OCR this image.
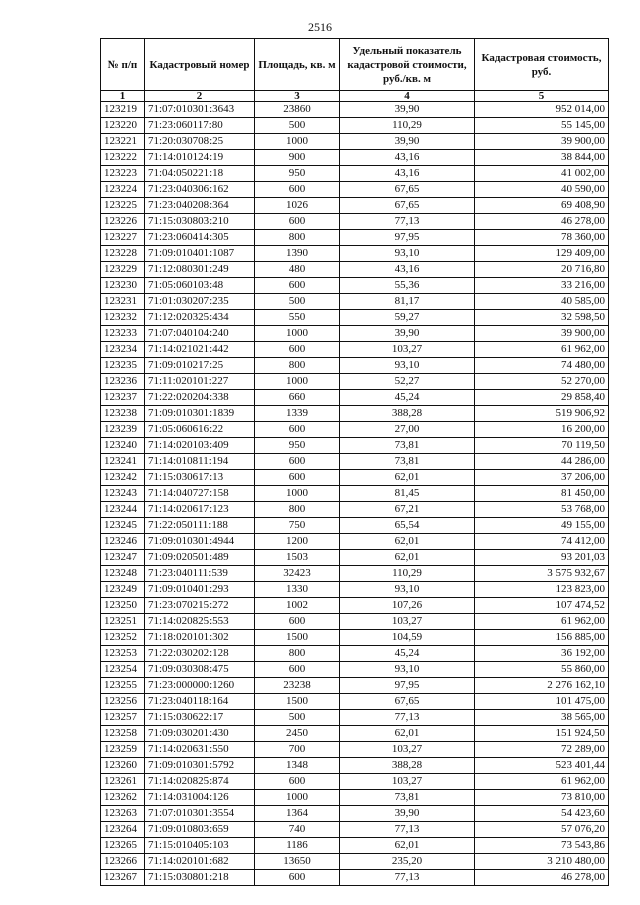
2516
№ п/п	Кадастровый номер	Площадь, кв. м	Удельный показатель кадастровой стоимости, руб./кв. м	Кадастровая стоимость, руб.
1	2	3	4	5
123219	71:07:010301:3643	23860	39,90	952 014,00
123220	71:23:060117:80	500	110,29	55 145,00
123221	71:20:030708:25	1000	39,90	39 900,00
123222	71:14:010124:19	900	43,16	38 844,00
123223	71:04:050221:18	950	43,16	41 002,00
123224	71:23:040306:162	600	67,65	40 590,00
123225	71:23:040208:364	1026	67,65	69 408,90
123226	71:15:030803:210	600	77,13	46 278,00
123227	71:23:060414:305	800	97,95	78 360,00
123228	71:09:010401:1087	1390	93,10	129 409,00
123229	71:12:080301:249	480	43,16	20 716,80
123230	71:05:060103:48	600	55,36	33 216,00
123231	71:01:030207:235	500	81,17	40 585,00
123232	71:12:020325:434	550	59,27	32 598,50
123233	71:07:040104:240	1000	39,90	39 900,00
123234	71:14:021021:442	600	103,27	61 962,00
123235	71:09:010217:25	800	93,10	74 480,00
123236	71:11:020101:227	1000	52,27	52 270,00
123237	71:22:020204:338	660	45,24	29 858,40
123238	71:09:010301:1839	1339	388,28	519 906,92
123239	71:05:060616:22	600	27,00	16 200,00
123240	71:14:020103:409	950	73,81	70 119,50
123241	71:14:010811:194	600	73,81	44 286,00
123242	71:15:030617:13	600	62,01	37 206,00
123243	71:14:040727:158	1000	81,45	81 450,00
123244	71:14:020617:123	800	67,21	53 768,00
123245	71:22:050111:188	750	65,54	49 155,00
123246	71:09:010301:4944	1200	62,01	74 412,00
123247	71:09:020501:489	1503	62,01	93 201,03
123248	71:23:040111:539	32423	110,29	3 575 932,67
123249	71:09:010401:293	1330	93,10	123 823,00
123250	71:23:070215:272	1002	107,26	107 474,52
123251	71:14:020825:553	600	103,27	61 962,00
123252	71:18:020101:302	1500	104,59	156 885,00
123253	71:22:030202:128	800	45,24	36 192,00
123254	71:09:030308:475	600	93,10	55 860,00
123255	71:23:000000:1260	23238	97,95	2 276 162,10
123256	71:23:040118:164	1500	67,65	101 475,00
123257	71:15:030622:17	500	77,13	38 565,00
123258	71:09:030201:430	2450	62,01	151 924,50
123259	71:14:020631:550	700	103,27	72 289,00
123260	71:09:010301:5792	1348	388,28	523 401,44
123261	71:14:020825:874	600	103,27	61 962,00
123262	71:14:031004:126	1000	73,81	73 810,00
123263	71:07:010301:3554	1364	39,90	54 423,60
123264	71:09:010803:659	740	77,13	57 076,20
123265	71:15:010405:103	1186	62,01	73 543,86
123266	71:14:020101:682	13650	235,20	3 210 480,00
123267	71:15:030801:218	600	77,13	46 278,00
